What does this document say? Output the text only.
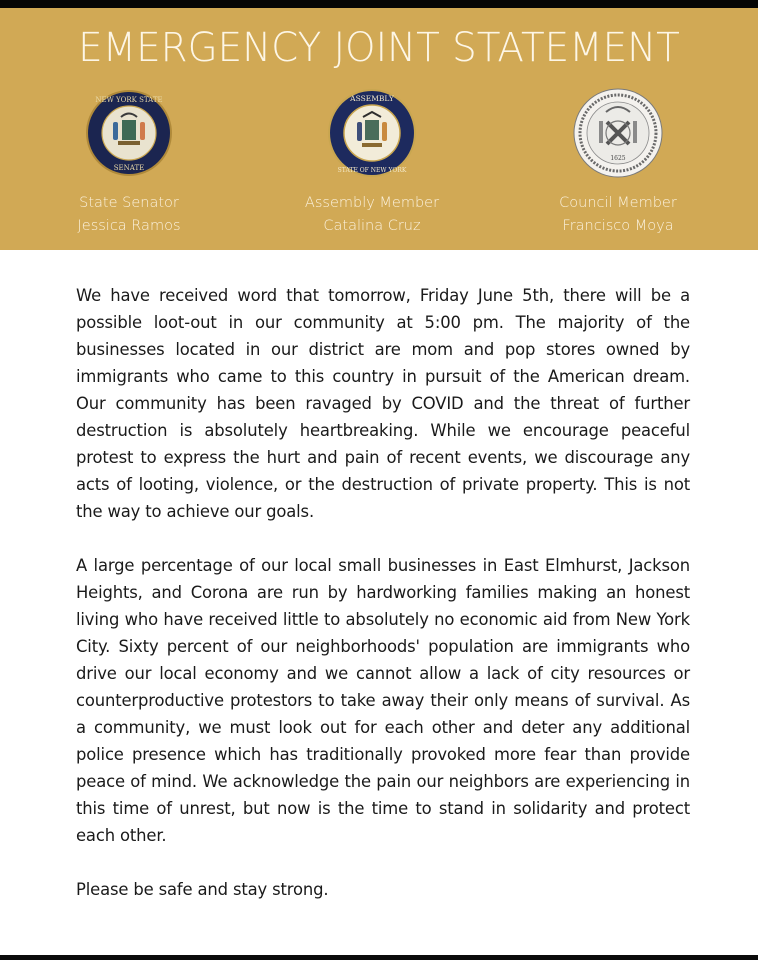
EMERGENCY JOINT STATEMENT
NEW YORK STATE
SENATE
State Senator
Jessica Ramos
ASSEMBLY
STATE OF NEW YORK
Assembly Member
Catalina Cruz
1625
Council Member
Francisco Moya

We have received word that tomorrow, Friday June 5th, there will be a possible loot-out in our community at 5:00 pm. The majority of the businesses located in our district are mom and pop stores owned by immigrants who came to this country in pursuit of the American dream. Our community has been ravaged by COVID and the threat of further destruction is absolutely heartbreaking. While we encourage peaceful protest to express the hurt and pain of recent events, we discourage any acts of looting, violence, or the destruction of private property. This is not the way to achieve our goals.

A large percentage of our local small businesses in East Elmhurst, Jackson Heights, and Corona are run by hardworking families making an honest living who have received little to absolutely no economic aid from New York City. Sixty percent of our neighborhoods' population are immigrants who drive our local economy and we cannot allow a lack of city resources or counterproductive protestors to take away their only means of survival. As a community, we must look out for each other and deter any additional police presence which has traditionally provoked more fear than provide peace of mind. We acknowledge the pain our neighbors are experiencing in this time of unrest, but now is the time to stand in solidarity and protect each other.

Please be safe and stay strong.
